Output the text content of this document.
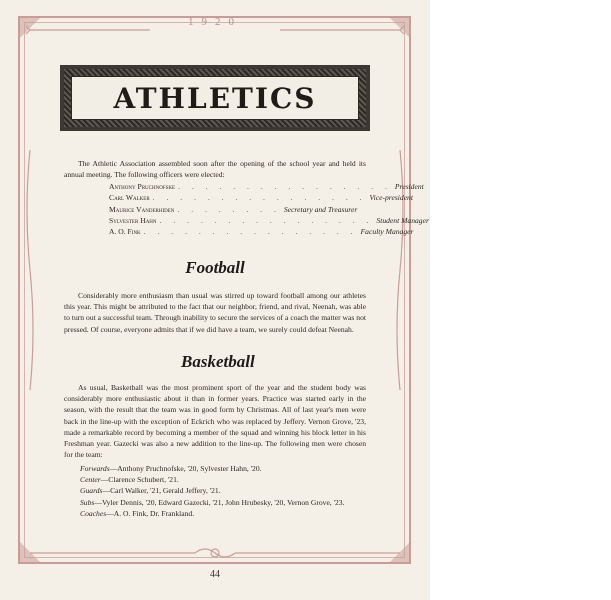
1920
ATHLETICS

The Athletic Association assembled soon after the opening of the school year and held its annual meeting. The following officers were elected:

Anthony Pruchnofske . . . . . . . . . . . . . . . . President
Carl Walker . . . . . . . . . . . . . . . . Vice-president
Maurice Vanderhiden . . . . . . . . Secretary and Treasurer
Sylvester Hahn . . . . . . . . . . . . . . . . Student Manager
A. O. Fink . . . . . . . . . . . . . . . . Faculty Manager
Football

Considerably more enthusiasm than usual was stirred up toward football among our athletes this year. This might be attributed to the fact that our neighbor, friend, and rival, Neenah, was able to turn out a successful team. Through inability to secure the services of a coach the matter was not pressed. Of course, everyone admits that if we did have a team, we surely could defeat Neenah.

Basketball

As usual, Basketball was the most prominent sport of the year and the student body was considerably more enthusiastic about it than in former years. Practice was started early in the season, with the result that the team was in good form by Christmas. All of last year's men were back in the line-up with the exception of Eckrich who was replaced by Jeffery. Vernon Grove, '23, made a remarkable record by becoming a member of the squad and winning his block letter in his Freshman year. Gazecki was also a new addition to the line-up. The following men were chosen for the team:

Forwards—Anthony Pruchnofske, '20, Sylvester Hahn, '20.
Center—Clarence Schubert, '21.
Guards—Carl Walker, '21, Gerald Jeffery, '21.
Subs—Vyler Dennis, '20, Edward Gazecki, '21, John Hrubesky, '20, Vernon Grove, '23.
Coaches—A. O. Fink, Dr. Frankland.
44
